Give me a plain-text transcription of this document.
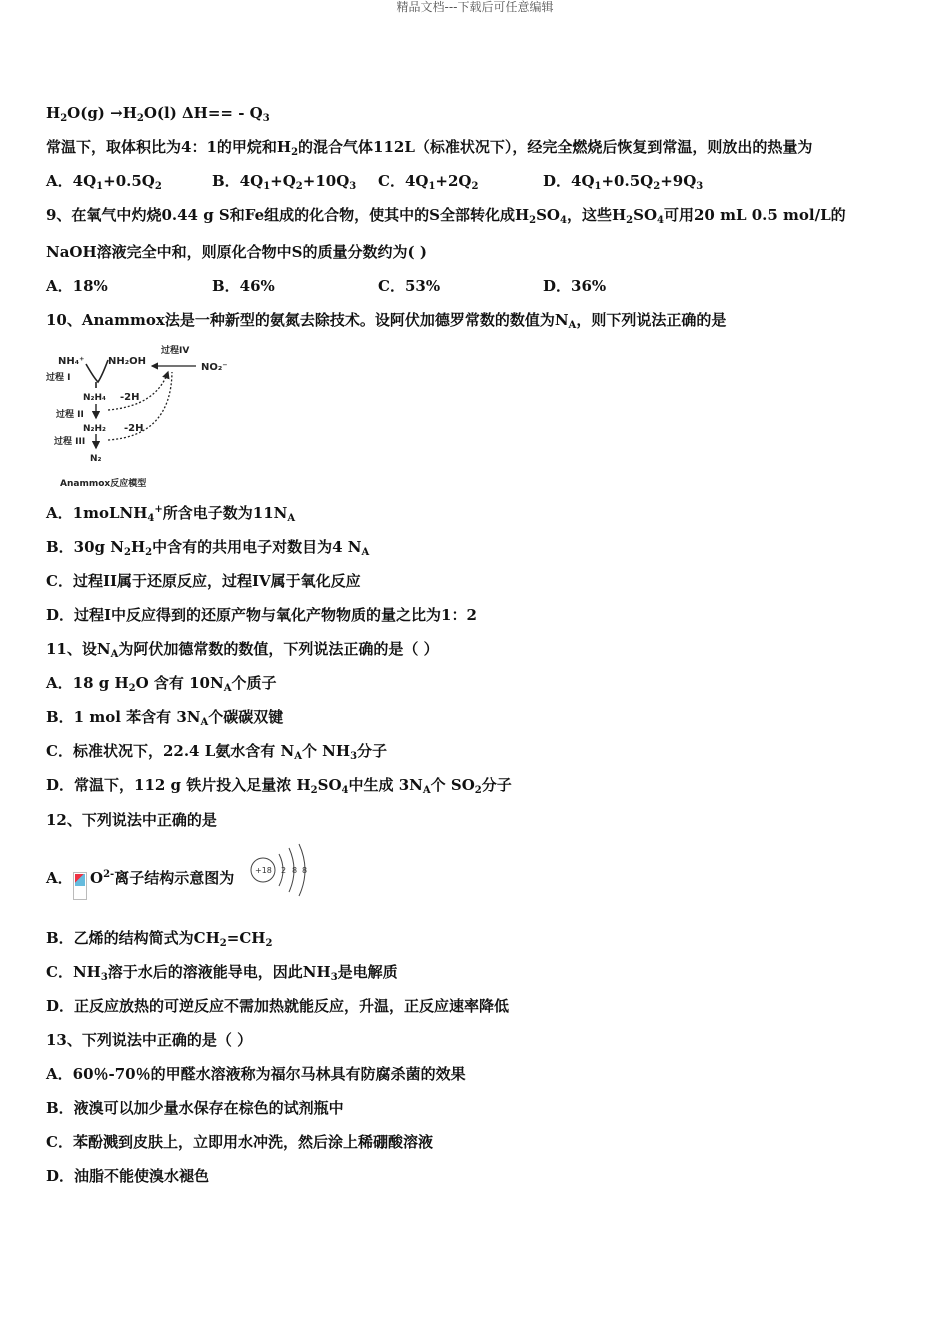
精品文档---下载后可任意编辑
$H_2O(g) \to H_2O(l)$ $\Delta H== - Q_3$
常温下，取体积比为4：1的甲烷和$H_2$的混合气体112L（标准状况下），经完全燃烧后恢复到常温，则放出的热量为
A．$4Q_1+0.5Q_2$	B．$4Q_1+Q_2+10Q_3$ C．$4Q_1+2Q_2$	D．$4Q_1+0.5Q_2+9Q_3$
9、在氧气中灼烧0.44 g S和Fe组成的化合物，使其中的S全部转化成$H_2SO_4$，这些$H_2SO_4$可用20 mL 0.5 mol/L的
NaOH溶液完全中和，则原化合物中S的质量分数约为( )
A．18%	B．46%	C．53%	D．36%
10、Anammox法是一种新型的氨氮去除技术。设阿伏加德罗常数的数值为$N_A$，则下列说法正确的是
NH₄⁺ NH₂OH
NO₂⁻
过程IV
过程 I
N₂H₄ -2H
过程 II
N₂H₂ -2H
过程 III
N₂
Anammox反应模型
A．1moLNH$_4$+所含电子数为$11N_A$
B．30g $N_2H_2$中含有的共用电子对数目为4 $N_A$
C．过程II属于还原反应，过程IV属于氧化反应
D．过程I中反应得到的还原产物与氧化产物物质的量之比为1：2
11、设$N_A$为阿伏加德常数的数值，下列说法正确的是（ ）
A．18 g $H_2O$ 含有 $10N_A$个质子
B．1 mol 苯含有 $3N_A$个碳碳双键
C．标准状况下，22.4 L氨水含有 $N_A$个 $NH_3$分子
D．常温下，112 g 铁片投入足量浓 $H_2SO_4$中生成 $3N_A$个 $SO_2$分子
12、下列说法中正确的是
A． $O^{2-}$离子结构示意图为	+18 2 8 8
B．乙烯的结构简式为$CH_2=CH_2$
C．$NH_3$溶于水后的溶液能导电，因此$NH_3$是电解质
D．正反应放热的可逆反应不需加热就能反应，升温，正反应速率降低
13、下列说法中正确的是（ ）
A．60％-70％的甲醛水溶液称为福尔马林具有防腐杀菌的效果
B．液溴可以加少量水保存在棕色的试剂瓶中
C．苯酚溅到皮肤上，立即用水冲洗，然后涂上稀硼酸溶液
D．油脂不能使溴水褪色
